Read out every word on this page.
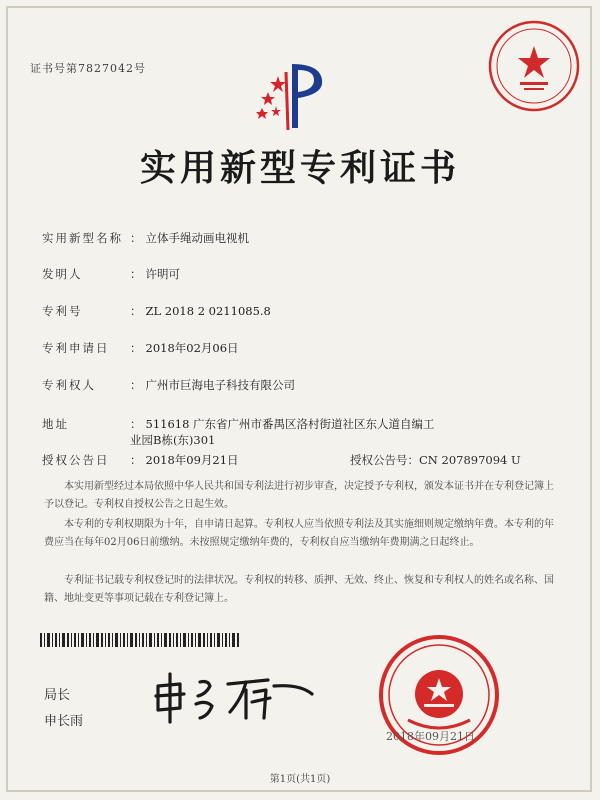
证书号第7827042号
实用新型专利证书
实用新型名称 ： 立体手绳动画电视机
发明人	： 许明可
专利号	： ZL 2018 2 0211085.8
专利申请日 ： 2018年02月06日
专利权人	： 广州市巨海电子科技有限公司
地址	： 511618 广东省广州市番禺区洛村街道社区东人道自编工
业园B栋(东)301
授权公告日 ： 2018年09月21日	授权公告号：CN 207897094 U
本实用新型经过本局依照中华人民共和国专利法进行初步审查，决定授予专利权，颁发本证书并在专利登记簿上予以登记。专利权自授权公告之日起生效。
本专利的专利权期限为十年，自申请日起算。专利权人应当依照专利法及其实施细则规定缴纳年费。本专利的年费应当在每年02月06日前缴纳。未按照规定缴纳年费的，专利权自应当缴纳年费期满之日起终止。
专利证书记载专利权登记时的法律状况。专利权的转移、质押、无效、终止、恢复和专利权人的姓名或名称、国籍、地址变更等事项记载在专利登记簿上。
局长
申长雨
2018年09月21日
第1页(共1页)
